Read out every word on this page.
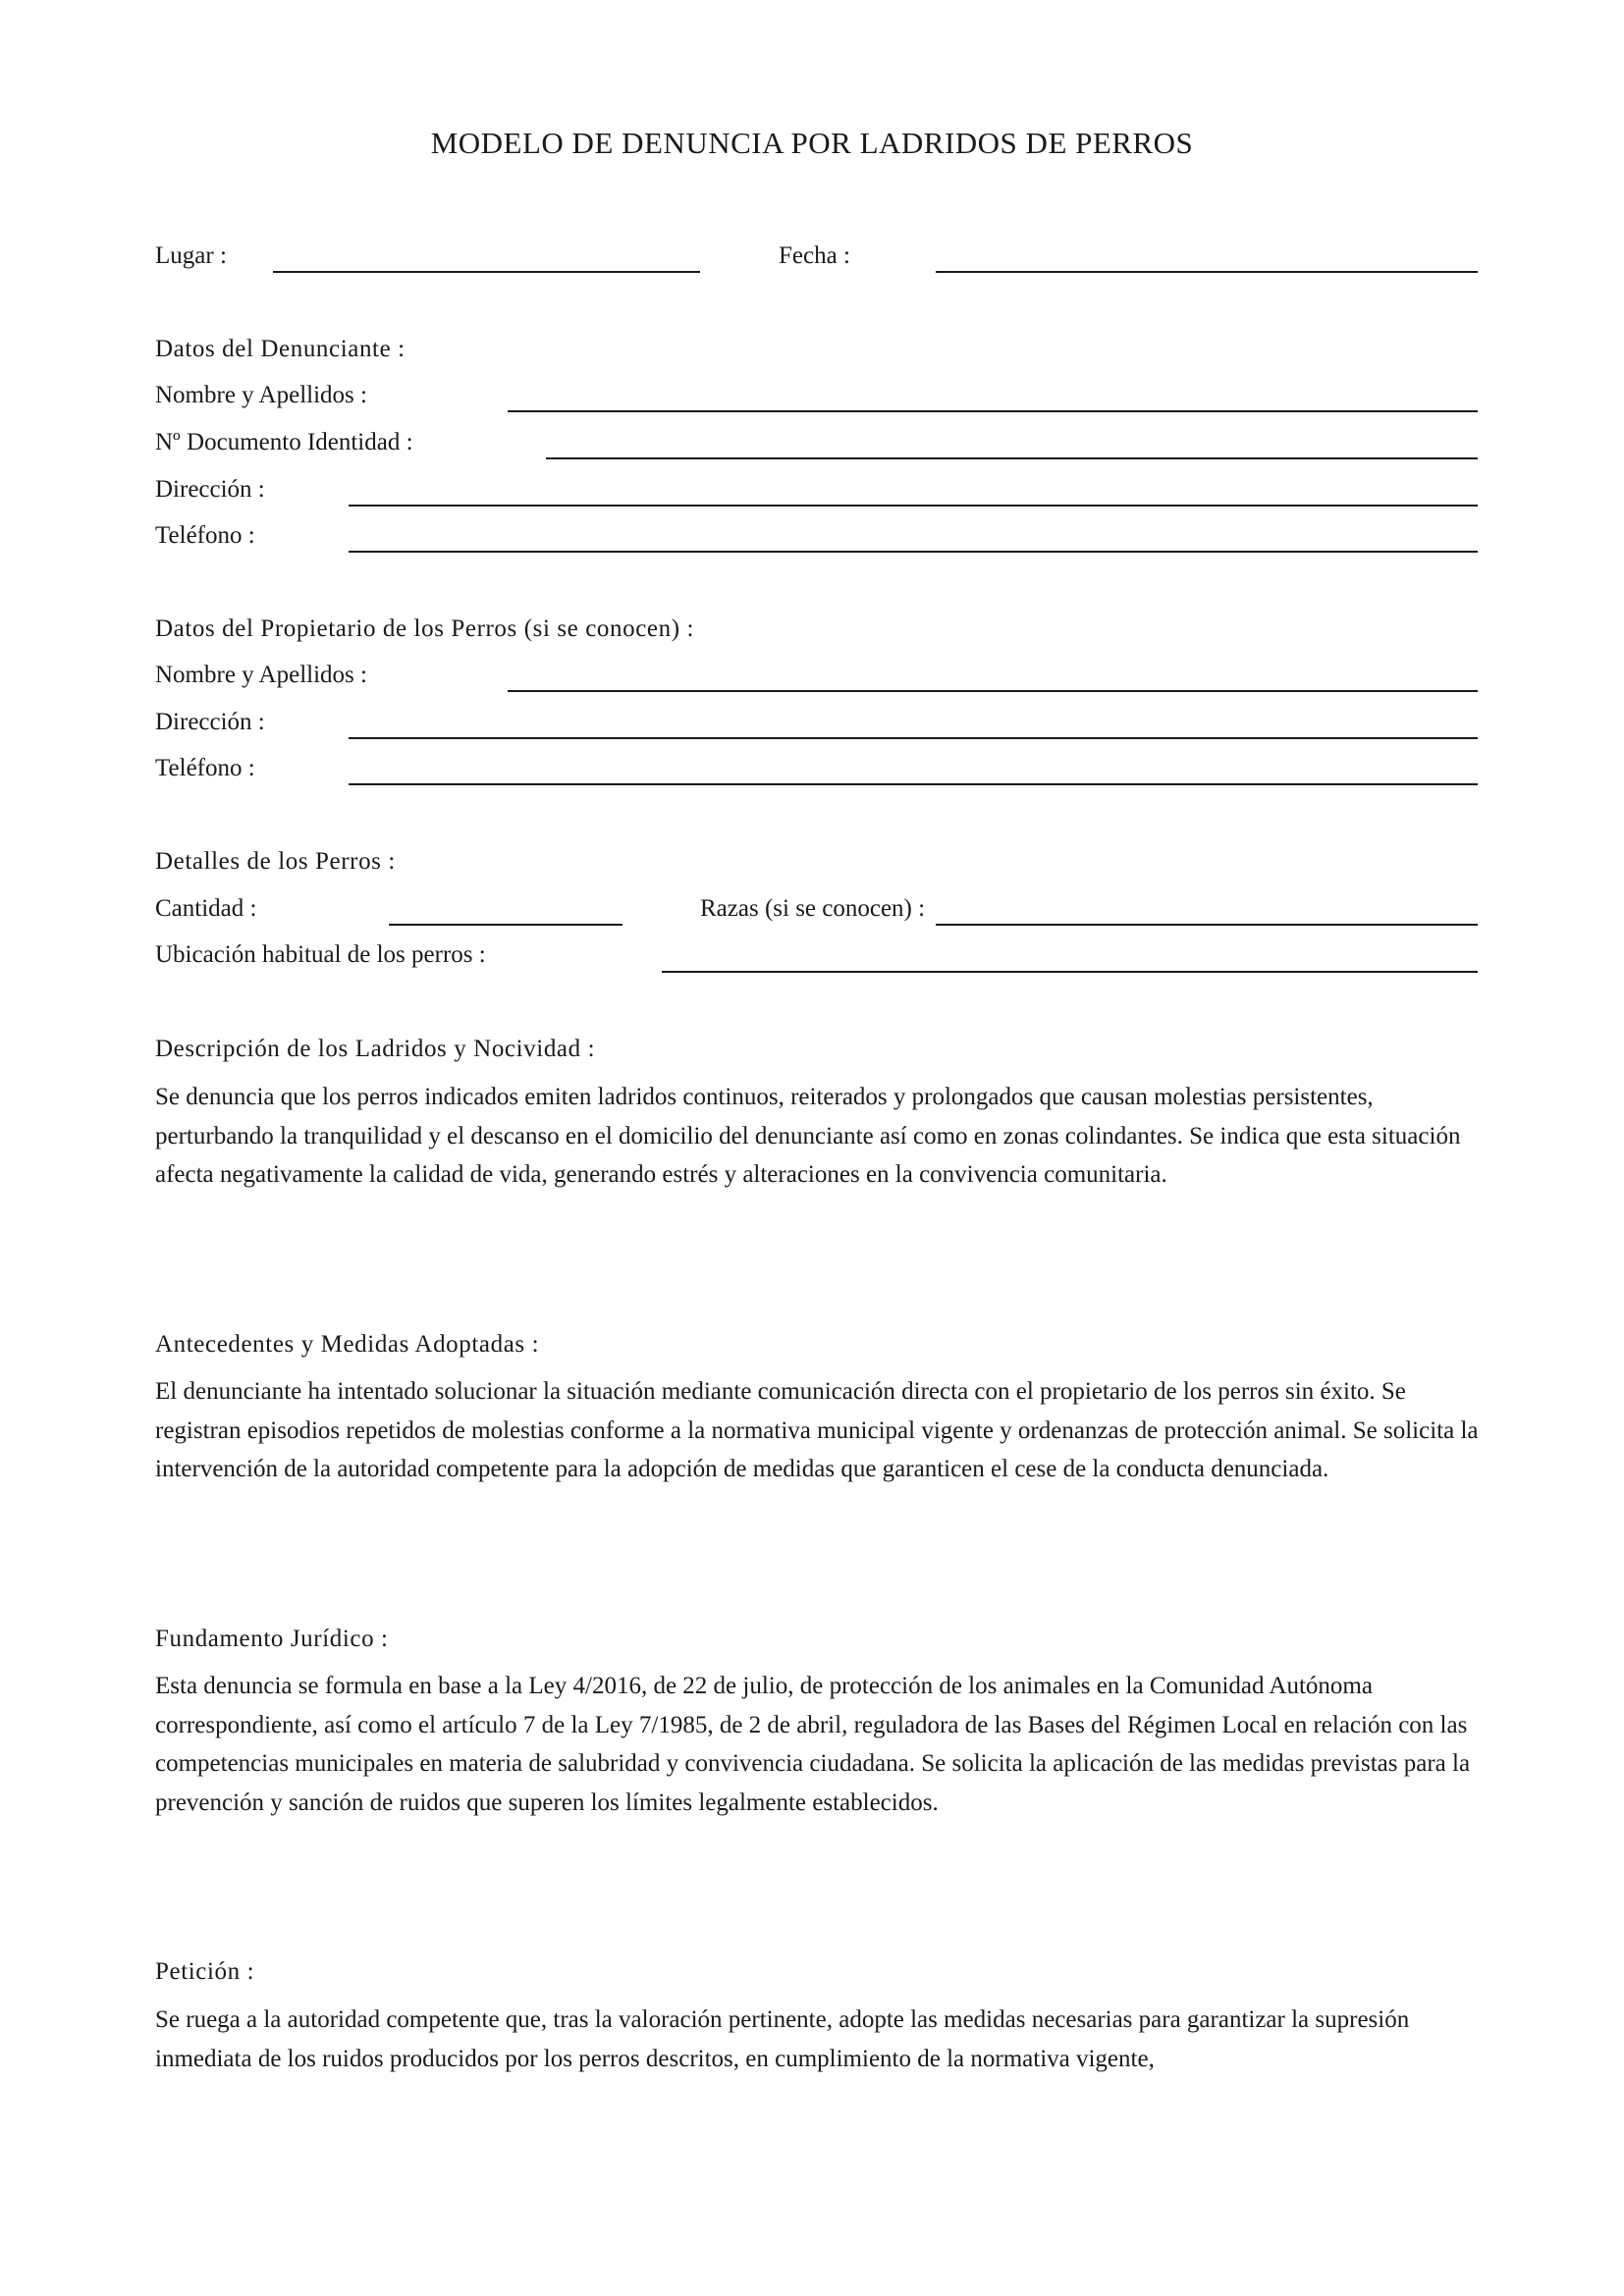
MODELO DE DENUNCIA POR LADRIDOS DE PERROS
Lugar :	Fecha :
Datos del Denunciante :
Nombre y Apellidos :
Nº Documento Identidad :
Dirección :
Teléfono :
Datos del Propietario de los Perros (si se conocen) :
Nombre y Apellidos :
Dirección :
Teléfono :
Detalles de los Perros :
Cantidad :	Razas (si se conocen) :
Ubicación habitual de los perros :
Descripción de los Ladridos y Nocividad :
Se denuncia que los perros indicados emiten ladridos continuos, reiterados y prolongados que causan molestias persistentes, perturbando la tranquilidad y el descanso en el domicilio del denunciante así como en zonas colindantes. Se indica que esta situación afecta negativamente la calidad de vida, generando estrés y alteraciones en la convivencia comunitaria.
Antecedentes y Medidas Adoptadas :
El denunciante ha intentado solucionar la situación mediante comunicación directa con el propietario de los perros sin éxito. Se registran episodios repetidos de molestias conforme a la normativa municipal vigente y ordenanzas de protección animal. Se solicita la intervención de la autoridad competente para la adopción de medidas que garanticen el cese de la conducta denunciada.
Fundamento Jurídico :
Esta denuncia se formula en base a la Ley 4/2016, de 22 de julio, de protección de los animales en la Comunidad Autónoma correspondiente, así como el artículo 7 de la Ley 7/1985, de 2 de abril, reguladora de las Bases del Régimen Local en relación con las competencias municipales en materia de salubridad y convivencia ciudadana. Se solicita la aplicación de las medidas previstas para la prevención y sanción de ruidos que superen los límites legalmente establecidos.
Petición :
Se ruega a la autoridad competente que, tras la valoración pertinente, adopte las medidas necesarias para garantizar la supresión inmediata de los ruidos producidos por los perros descritos, en cumplimiento de la normativa vigente,
